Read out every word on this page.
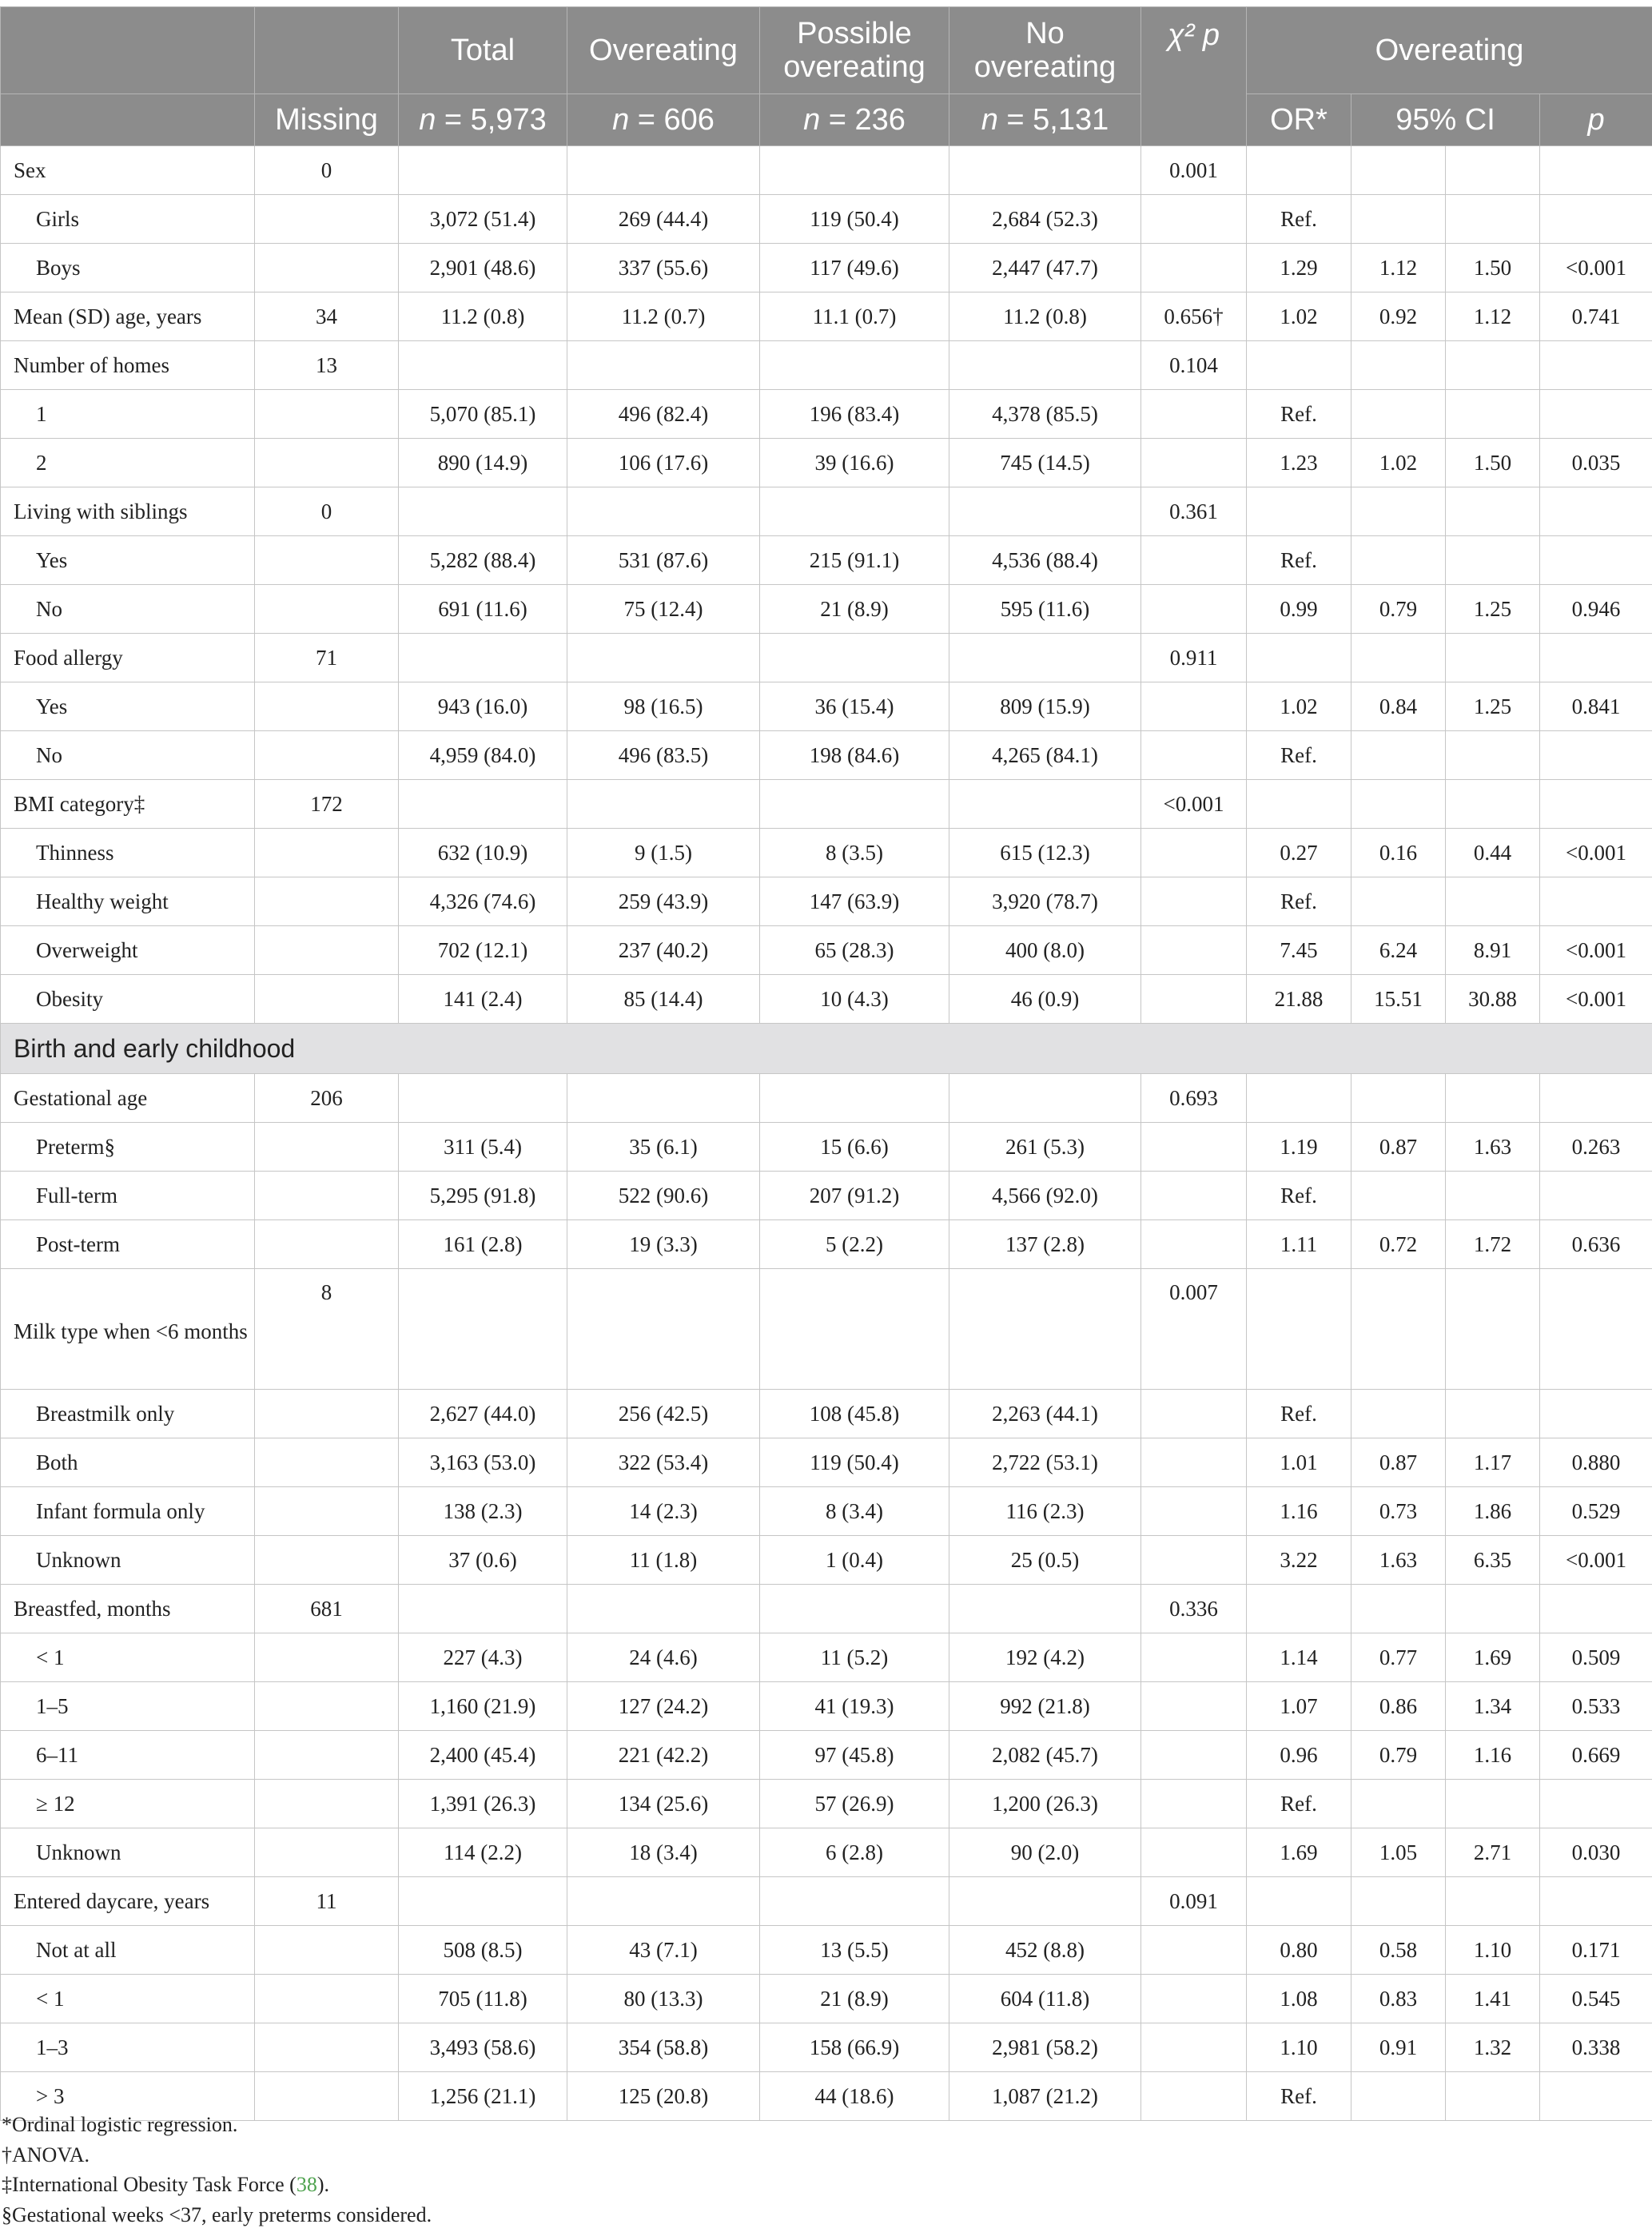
		Total	Overeating	Possible overeating	No overeating	χ² p	Overeating			
	Missing	n = 5,973	n = 606	n = 236	n = 5,131		OR*	95% CI		p
Sex	0					0.001				
Girls		3,072 (51.4)	269 (44.4)	119 (50.4)	2,684 (52.3)		Ref.			
Boys		2,901 (48.6)	337 (55.6)	117 (49.6)	2,447 (47.7)		1.29	1.12	1.50	<0.001
Mean (SD) age, years	34	11.2 (0.8)	11.2 (0.7)	11.1 (0.7)	11.2 (0.8)	0.656†	1.02	0.92	1.12	0.741
Number of homes	13					0.104				
1		5,070 (85.1)	496 (82.4)	196 (83.4)	4,378 (85.5)		Ref.			
2		890 (14.9)	106 (17.6)	39 (16.6)	745 (14.5)		1.23	1.02	1.50	0.035
Living with siblings	0					0.361				
Yes		5,282 (88.4)	531 (87.6)	215 (91.1)	4,536 (88.4)		Ref.			
No		691 (11.6)	75 (12.4)	21 (8.9)	595 (11.6)		0.99	0.79	1.25	0.946
Food allergy	71					0.911				
Yes		943 (16.0)	98 (16.5)	36 (15.4)	809 (15.9)		1.02	0.84	1.25	0.841
No		4,959 (84.0)	496 (83.5)	198 (84.6)	4,265 (84.1)		Ref.			
BMI category‡	172					<0.001				
Thinness		632 (10.9)	9 (1.5)	8 (3.5)	615 (12.3)		0.27	0.16	0.44	<0.001
Healthy weight		4,326 (74.6)	259 (43.9)	147 (63.9)	3,920 (78.7)		Ref.			
Overweight		702 (12.1)	237 (40.2)	65 (28.3)	400 (8.0)		7.45	6.24	8.91	<0.001
Obesity		141 (2.4)	85 (14.4)	10 (4.3)	46 (0.9)		21.88	15.51	30.88	<0.001
Birth and early childhood										
Gestational age	206					0.693				
Preterm§		311 (5.4)	35 (6.1)	15 (6.6)	261 (5.3)		1.19	0.87	1.63	0.263
Full-term		5,295 (91.8)	522 (90.6)	207 (91.2)	4,566 (92.0)		Ref.			
Post-term		161 (2.8)	19 (3.3)	5 (2.2)	137 (2.8)		1.11	0.72	1.72	0.636
Milk type when <6 months	8					0.007				
Breastmilk only		2,627 (44.0)	256 (42.5)	108 (45.8)	2,263 (44.1)		Ref.			
Both		3,163 (53.0)	322 (53.4)	119 (50.4)	2,722 (53.1)		1.01	0.87	1.17	0.880
Infant formula only		138 (2.3)	14 (2.3)	8 (3.4)	116 (2.3)		1.16	0.73	1.86	0.529
Unknown		37 (0.6)	11 (1.8)	1 (0.4)	25 (0.5)		3.22	1.63	6.35	<0.001
Breastfed, months	681					0.336				
< 1		227 (4.3)	24 (4.6)	11 (5.2)	192 (4.2)		1.14	0.77	1.69	0.509
1–5		1,160 (21.9)	127 (24.2)	41 (19.3)	992 (21.8)		1.07	0.86	1.34	0.533
6–11		2,400 (45.4)	221 (42.2)	97 (45.8)	2,082 (45.7)		0.96	0.79	1.16	0.669
≥ 12		1,391 (26.3)	134 (25.6)	57 (26.9)	1,200 (26.3)		Ref.			
Unknown		114 (2.2)	18 (3.4)	6 (2.8)	90 (2.0)		1.69	1.05	2.71	0.030
Entered daycare, years	11					0.091				
Not at all		508 (8.5)	43 (7.1)	13 (5.5)	452 (8.8)		0.80	0.58	1.10	0.171
< 1		705 (11.8)	80 (13.3)	21 (8.9)	604 (11.8)		1.08	0.83	1.41	0.545
1–3		3,493 (58.6)	354 (58.8)	158 (66.9)	2,981 (58.2)		1.10	0.91	1.32	0.338
> 3		1,256 (21.1)	125 (20.8)	44 (18.6)	1,087 (21.2)		Ref.			
*Ordinal logistic regression.
†ANOVA.
‡International Obesity Task Force (38).
§Gestational weeks <37, early preterms considered.
